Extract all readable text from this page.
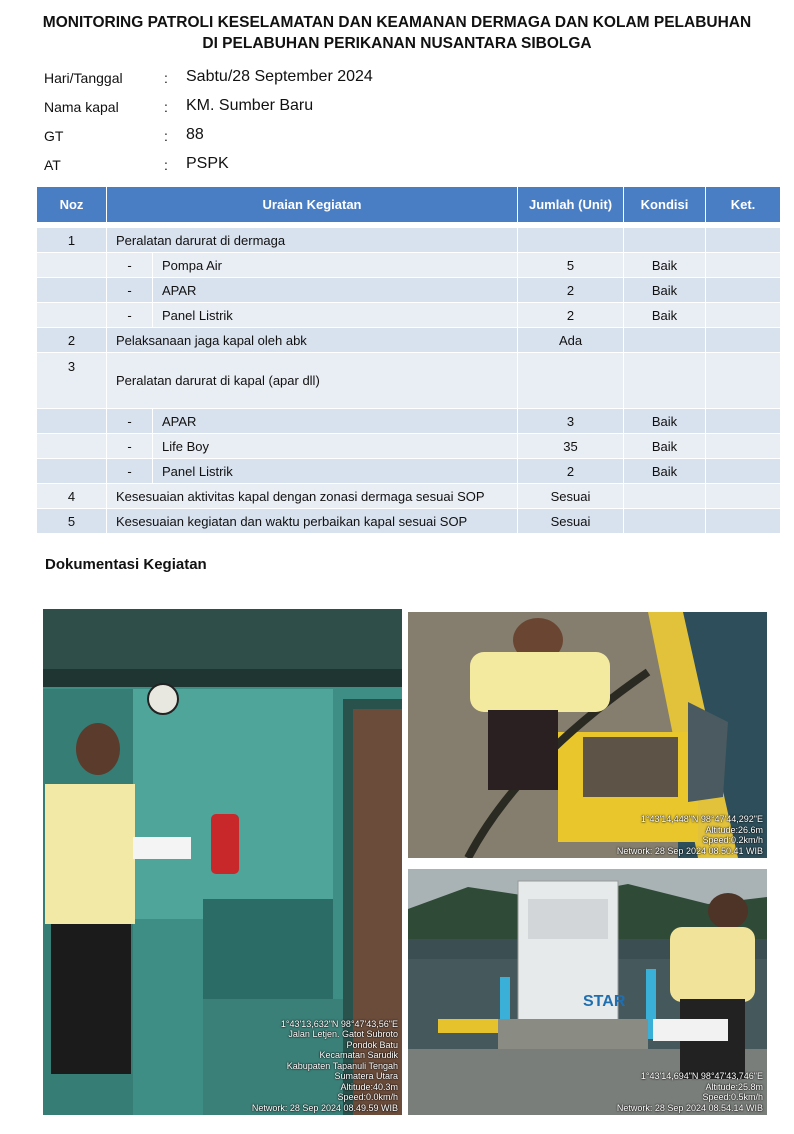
MONITORING PATROLI KESELAMATAN DAN KEAMANAN DERMAGA DAN KOLAM PELABUHAN
DI PELABUHAN PERIKANAN NUSANTARA SIBOLGA
Hari/Tanggal	: Sabtu/28 September 2024
Nama kapal	: KM. Sumber Baru
GT	: 88
AT	: PSPK
Noz	Uraian Kegiatan		Jumlah (Unit)	Kondisi	Ket.

1	Peralatan darurat di dermaga				
	-	Pompa Air	5	Baik	
	-	APAR	2	Baik	
	-	Panel Listrik	2	Baik	
2	Pelaksanaan jaga kapal oleh abk		Ada		
3	Peralatan darurat di kapal (apar dll)				
	-	APAR	3	Baik	
	-	Life Boy	35	Baik	
	-	Panel Listrik	2	Baik	
4	Kesesuaian aktivitas kapal dengan zonasi dermaga sesuai SOP		Sesuai		
5	Kesesuaian kegiatan dan waktu perbaikan kapal sesuai SOP		Sesuai		
Dokumentasi Kegiatan
1°43'13,632"N 98°47'43,56"E
Jalan Letjen. Gatot Subroto
Pondok Batu
Kecamatan Sarudik
Kabupaten Tapanuli Tengah
Sumatera Utara
Altitude:40.3m
Speed:0.0km/h
Network: 28 Sep 2024 08.49.59 WIB
1°43'14,448"N 98°47'44,292"E
Altitude:26.6m
Speed:0.2km/h
Network: 28 Sep 2024 08.50.41 WIB
STAR
1°43'14,694"N 98°47'43,746"E
Altitude:25.8m
Speed:0.5km/h
Network: 28 Sep 2024 08.54.14 WIB
